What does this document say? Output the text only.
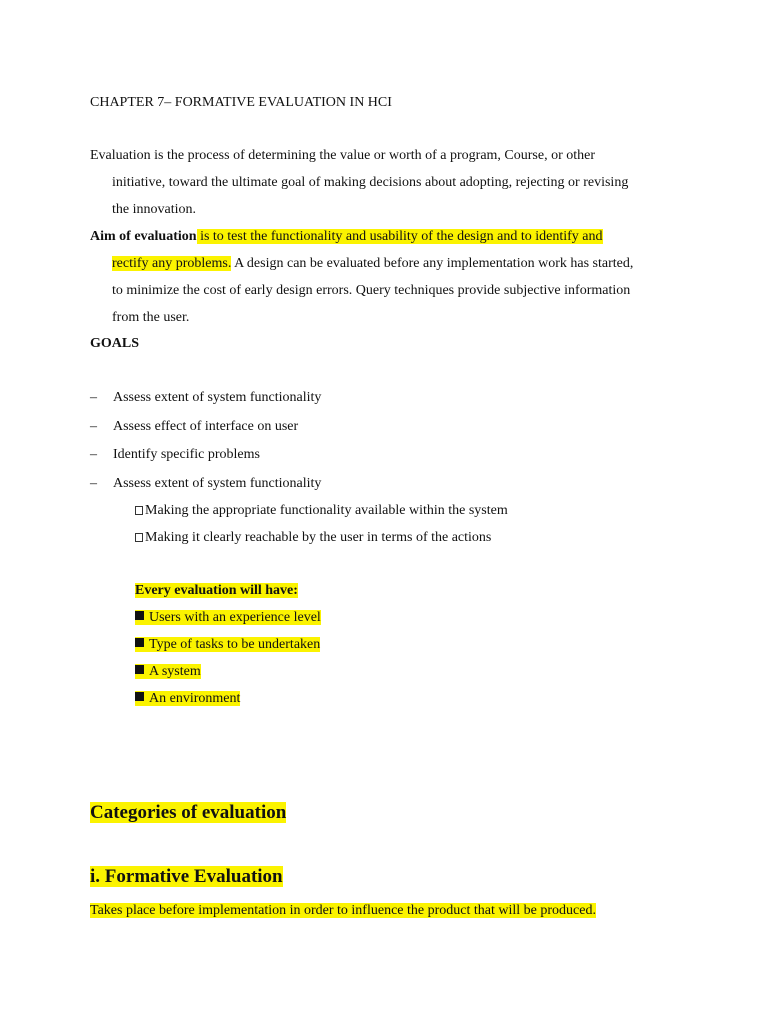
CHAPTER 7– FORMATIVE EVALUATION IN HCI
Evaluation is the process of determining the value or worth of a program, Course, or other
initiative, toward the ultimate goal of making decisions about adopting, rejecting or revising
the innovation.
Aim of evaluation is to test the functionality and usability of the design and to identify and
rectify any problems. A design can be evaluated before any implementation work has started,
to minimize the cost of early design errors. Query techniques provide subjective information
from the user.
GOALS
– Assess extent of system functionality
– Assess effect of interface on user
– Identify specific problems
– Assess extent of system functionality
Making the appropriate functionality available within the system
Making it clearly reachable by the user in terms of the actions
Every evaluation will have:
Users with an experience level
Type of tasks to be undertaken
A system
An environment
Categories of evaluation
i. Formative Evaluation
Takes place before implementation in order to influence the product that will be produced.
